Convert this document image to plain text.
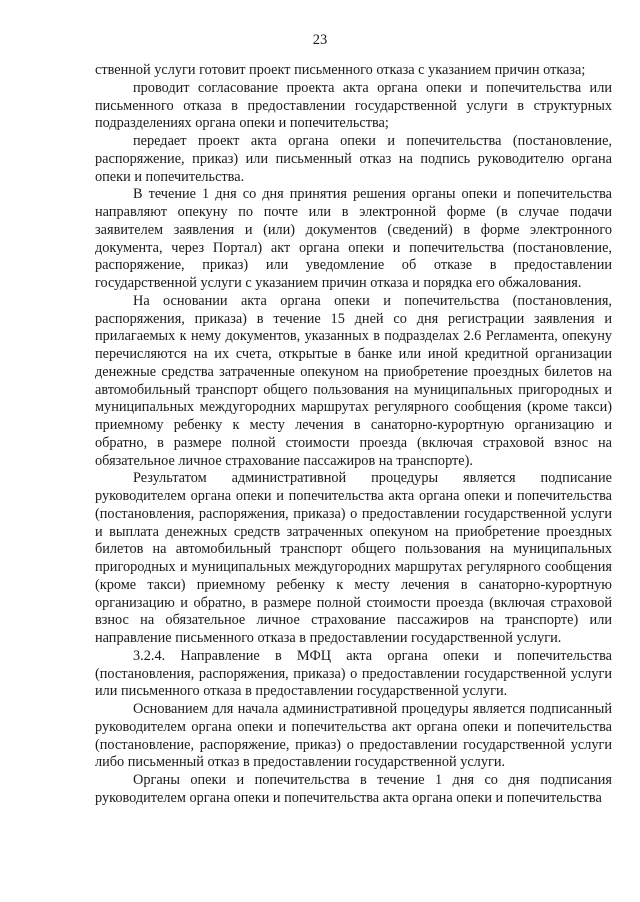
23

ственной услуги готовит проект письменного отказа с указанием причин отказа;

проводит согласование проекта акта органа опеки и попечительства или письменного отказа в предоставлении государственной услуги в структурных подразделениях органа опеки и попечительства;

передает проект акта органа опеки и попечительства (постановление, распоряжение, приказ) или письменный отказ на подпись руководителю органа опеки и попечительства.

В течение 1 дня со дня принятия решения органы опеки и попечительства направляют опекуну по почте или в электронной форме (в случае подачи заявителем заявления и (или) документов (сведений) в форме электронного документа, через Портал) акт органа опеки и попечительства (постановление, распоряжение, приказ) или уведомление об отказе в предоставлении государственной услуги с указанием причин отказа и порядка его обжалования.

На основании акта органа опеки и попечительства (постановления, распоряжения, приказа) в течение 15 дней со дня регистрации заявления и прилагаемых к нему документов, указанных в подразделах 2.6 Регламента, опекуну перечисляются на их счета, открытые в банке или иной кредитной организации денежные средства затраченные опекуном на приобретение проездных билетов на автомобильный транспорт общего пользования на муниципальных пригородных и муниципальных междугородних маршрутах регулярного сообщения (кроме такси) приемному ребенку к месту лечения в санаторно-курортную организацию и обратно, в размере полной стоимости проезда (включая страховой взнос на обязательное личное страхование пассажиров на транспорте).

Результатом административной процедуры является подписание руководителем органа опеки и попечительства акта органа опеки и попечительства (постановления, распоряжения, приказа) о предоставлении государственной услуги и выплата денежных средств затраченных опекуном на приобретение проездных билетов на автомобильный транспорт общего пользования на муниципальных пригородных и муниципальных междугородних маршрутах регулярного сообщения (кроме такси) приемному ребенку к месту лечения в санаторно-курортную организацию и обратно, в размере полной стоимости проезда (включая страховой взнос на обязательное личное страхование пассажиров на транспорте) или направление письменного отказа в предоставлении государственной услуги.

3.2.4. Направление в МФЦ акта органа опеки и попечительства (постановления, распоряжения, приказа) о предоставлении государственной услуги или письменного отказа в предоставлении государственной услуги.

Основанием для начала административной процедуры является подписанный руководителем органа опеки и попечительства акт органа опеки и попечительства (постановление, распоряжение, приказ) о предоставлении государственной услуги либо письменный отказ в предоставлении государственной услуги.

Органы опеки и попечительства в течение 1 дня со дня подписания руководителем органа опеки и попечительства акта органа опеки и попечительства
